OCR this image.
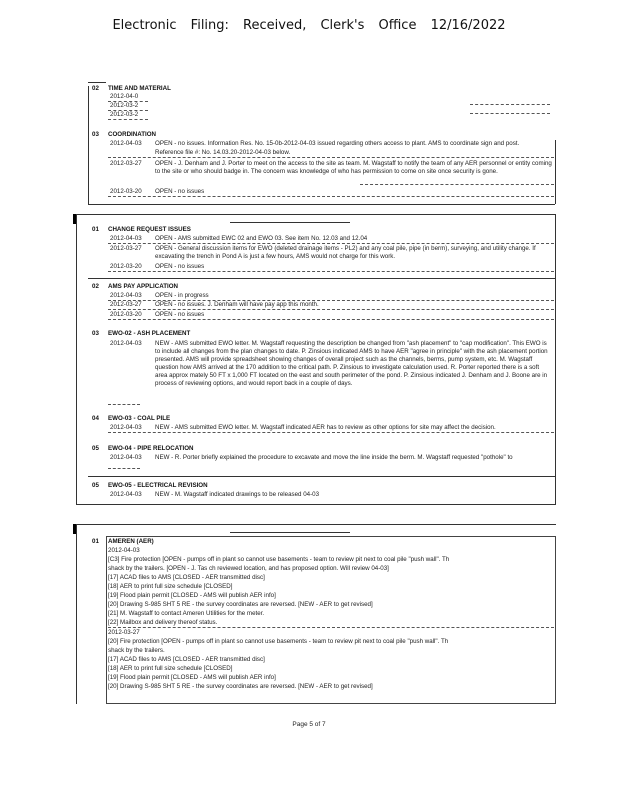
Electronic Filing: Received, Clerk's Office 12/16/2022
02 TIME AND MATERIAL
2012-04-0
2012-03-2
2012-03-2
03 COORDINATION
2012-04-03 OPEN - no issues. Information Res. No. 15-0b-2012-04-03 issued regarding others access to plant. AMS to coordinate sign and post.
Reference file #: No. 14.03.20-2012-04-03 below.
2012-03-27 OPEN - J. Denham and J. Porter to meet on the access to the site as team. M. Wagstaff to notify the team of any AER personnel or entity coming to the site or who should badge in. The concern was knowledge of who has permission to come on site once security is gone.
2012-03-20 OPEN - no issues
01 CHANGE REQUEST ISSUES
2012-04-03 OPEN - AMS submitted EWC 02 and EWO 03. See item No. 12.03 and 12.04
2012-03-27 OPEN - General discussion items for EWO (deleted drainage items - PL2) and any coal pile, pipe (in berm), surveying, and utility change. If excavating the trench in Pond A is just a few hours, AMS would not charge for this work.
2012-03-20 OPEN - no issues
02 AMS PAY APPLICATION
2012-04-03 OPEN - in progress
2012-03-27 OPEN - no issues. J. Denham will have pay app this month.
2012-03-20 OPEN - no issues
03 EWO-02 - ASH PLACEMENT
2012-04-03 NEW - AMS submitted EWO letter. M. Wagstaff requesting the description be changed from "ash placement" to "cap modification". This EWO is to include all changes from the plan changes to date. P. Zinsious indicated AMS to have AER "agree in principle" with the ash placement portion presented. AMS will provide spreadsheet showing changes of overall project such as the channels, berms, pump system, etc. M. Wagstaff question how AMS arrived at the 170 addition to the critical path. P. Zinsious to investigate calculation used. R. Porter reported there is a soft area approx mately 50 FT x 1,000 FT located on the east and south perimeter of the pond. P. Zinsious indicated J. Denham and J. Boone are in process of reviewing options, and would report back in a couple of days.
04 EWO-03 - COAL PILE
2012-04-03 NEW - AMS submitted EWO letter. M. Wagstaff indicated AER has to review as other options for site may affect the decision.
05 EWO-04 - PIPE RELOCATION
2012-04-03 NEW - R. Porter briefly explained the procedure to excavate and move the line inside the berm. M. Wagstaff requested "pothole" to
05 EWO-05 - ELECTRICAL REVISION
2012-04-03 NEW - M. Wagstaff indicated drawings to be released 04-03
01 AMEREN (AER)
2012-04-03
[C3] Fire protection [OPEN - pumps off in plant so cannot use basements - team to review pit next to coal pile "push wall". Th
shack by the trailers. [OPEN - J. Tas ch reviewed location, and has proposed option. Will review 04-03]
[17] ACAD files to AMS [CLOSED - AER transmitted disc]
[18] AER to print full size schedule [CLOSED]
[19] Flood plain permit [CLOSED - AMS will publish AER info]
[20] Drawing S-985 SHT 5 RE - the survey coordinates are reversed. [NEW - AER to get revised]
[21] M. Wagstaff to contact Ameren Utilities for the meter.
[22] Mailbox and delivery thereof status.
2012-03-27
[20] Fire protection [OPEN - pumps off in plant so cannot use basements - team to review pit next to coal pile "push wall". Th
shack by the trailers.
[17] ACAD files to AMS [CLOSED - AER transmitted disc]
[18] AER to print full size schedule [CLOSED]
[19] Flood plain permit [CLOSED - AMS will publish AER info]
[20] Drawing S-985 SHT 5 RE - the survey coordinates are reversed. [NEW - AER to get revised]
Page 5 of 7
